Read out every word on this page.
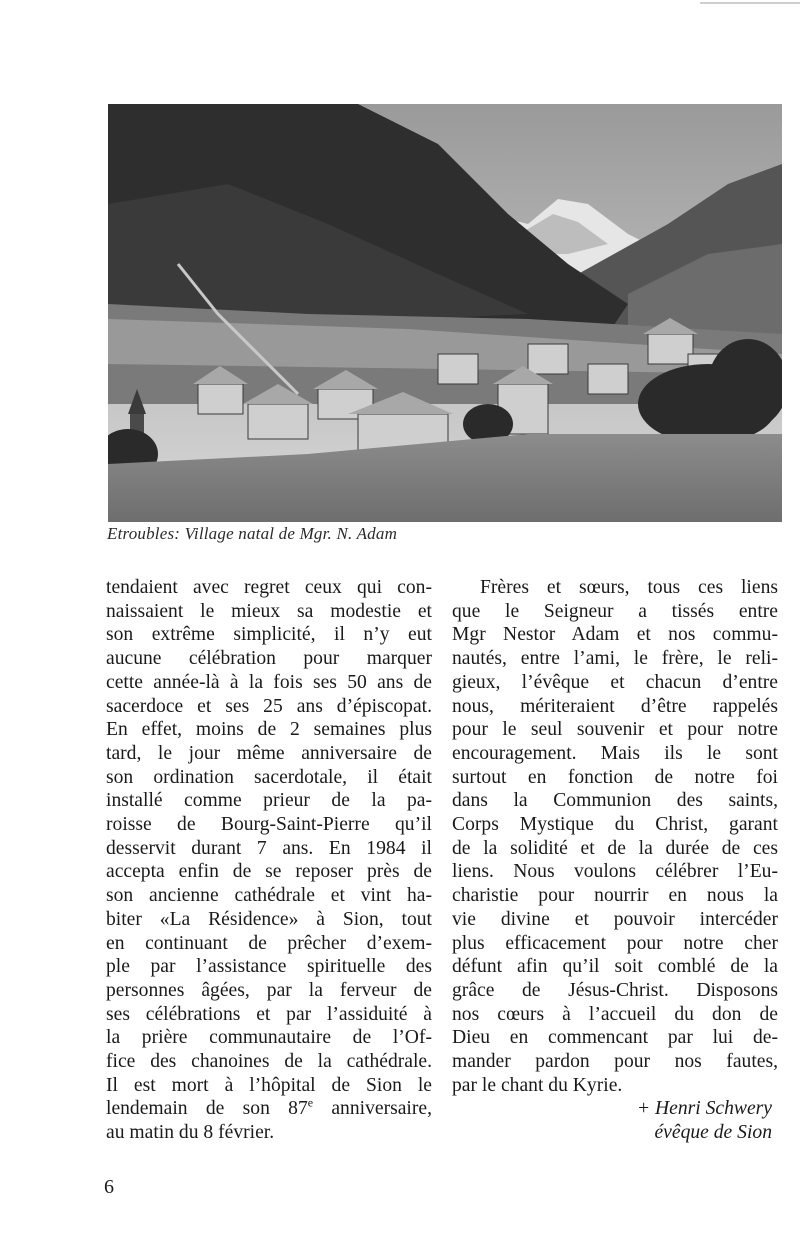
Etroubles: Village natal de Mgr. N. Adam
tendaient avec regret ceux qui con-
naissaient le mieux sa modestie et
son extrême simplicité, il n’y eut
aucune célébration pour marquer
cette année-là à la fois ses 50 ans de
sacerdoce et ses 25 ans d’épiscopat.
En effet, moins de 2 semaines plus
tard, le jour même anniversaire de
son ordination sacerdotale, il était
installé comme prieur de la pa-
roisse de Bourg-Saint-Pierre qu’il
desservit durant 7 ans. En 1984 il
accepta enfin de se reposer près de
son ancienne cathédrale et vint ha-
biter «La Résidence» à Sion, tout
en continuant de prêcher d’exem-
ple par l’assistance spirituelle des
personnes âgées, par la ferveur de
ses célébrations et par l’assiduité à
la prière communautaire de l’Of-
fice des chanoines de la cathédrale.
Il est mort à l’hôpital de Sion le
lendemain de son 87e anniversaire,
au matin du 8 février.
Frères et sœurs, tous ces liens
que le Seigneur a tissés entre
Mgr Nestor Adam et nos commu-
nautés, entre l’ami, le frère, le reli-
gieux, l’évêque et chacun d’entre
nous, mériteraient d’être rappelés
pour le seul souvenir et pour notre
encouragement. Mais ils le sont
surtout en fonction de notre foi
dans la Communion des saints,
Corps Mystique du Christ, garant
de la solidité et de la durée de ces
liens. Nous voulons célébrer l’Eu-
charistie pour nourrir en nous la
vie divine et pouvoir intercéder
plus efficacement pour notre cher
défunt afin qu’il soit comblé de la
grâce de Jésus-Christ. Disposons
nos cœurs à l’accueil du don de
Dieu en commencant par lui de-
mander pardon pour nos fautes,
par le chant du Kyrie.
+ Henri Schwery
évêque de Sion
6
